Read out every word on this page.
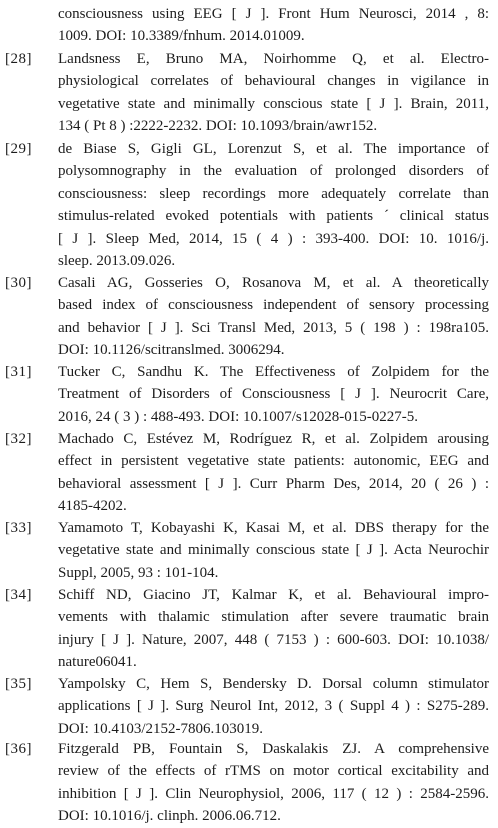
consciousness using EEG [ J ]. Front Hum Neurosci, 2014 , 8:
1009. DOI: 10.3389/fnhum. 2014.01009.
[28]	Landsness E, Bruno MA, Noirhomme Q, et al. Electro-
physiological correlates of behavioural changes in vigilance in
vegetative state and minimally conscious state [ J ]. Brain, 2011,
134 ( Pt 8 ) :2222-2232. DOI: 10.1093/brain/awr152.
[29]	de Biase S, Gigli GL, Lorenzut S, et al. The importance of
polysomnography in the evaluation of prolonged disorders of
consciousness: sleep recordings more adequately correlate than
stimulus-related evoked potentials with patients ´ clinical status
[ J ]. Sleep Med, 2014, 15 ( 4 ) : 393-400. DOI: 10. 1016/j.
sleep. 2013.09.026.
[30]	Casali AG, Gosseries O, Rosanova M, et al. A theoretically
based index of consciousness independent of sensory processing
and behavior [ J ]. Sci Transl Med, 2013, 5 ( 198 ) : 198ra105.
DOI: 10.1126/scitranslmed. 3006294.
[31]	Tucker C, Sandhu K. The Effectiveness of Zolpidem for the
Treatment of Disorders of Consciousness [ J ]. Neurocrit Care,
2016, 24 ( 3 ) : 488-493. DOI: 10.1007/s12028-015-0227-5.
[32]	Machado C, Estévez M, Rodríguez R, et al. Zolpidem arousing
effect in persistent vegetative state patients: autonomic, EEG and
behavioral assessment [ J ]. Curr Pharm Des, 2014, 20 ( 26 ) :
4185-4202.
[33]	Yamamoto T, Kobayashi K, Kasai M, et al. DBS therapy for the
vegetative state and minimally conscious state [ J ]. Acta Neurochir
Suppl, 2005, 93 : 101-104.
[34]	Schiff ND, Giacino JT, Kalmar K, et al. Behavioural impro-
vements with thalamic stimulation after severe traumatic brain
injury [ J ]. Nature, 2007, 448 ( 7153 ) : 600-603. DOI: 10.1038/
nature06041.
[35]	Yampolsky C, Hem S, Bendersky D. Dorsal column stimulator
applications [ J ]. Surg Neurol Int, 2012, 3 ( Suppl 4 ) : S275-289.
DOI: 10.4103/2152-7806.103019.
[36]	Fitzgerald PB, Fountain S, Daskalakis ZJ. A comprehensive
review of the effects of rTMS on motor cortical excitability and
inhibition [ J ]. Clin Neurophysiol, 2006, 117 ( 12 ) : 2584-2596.
DOI: 10.1016/j. clinph. 2006.06.712.
